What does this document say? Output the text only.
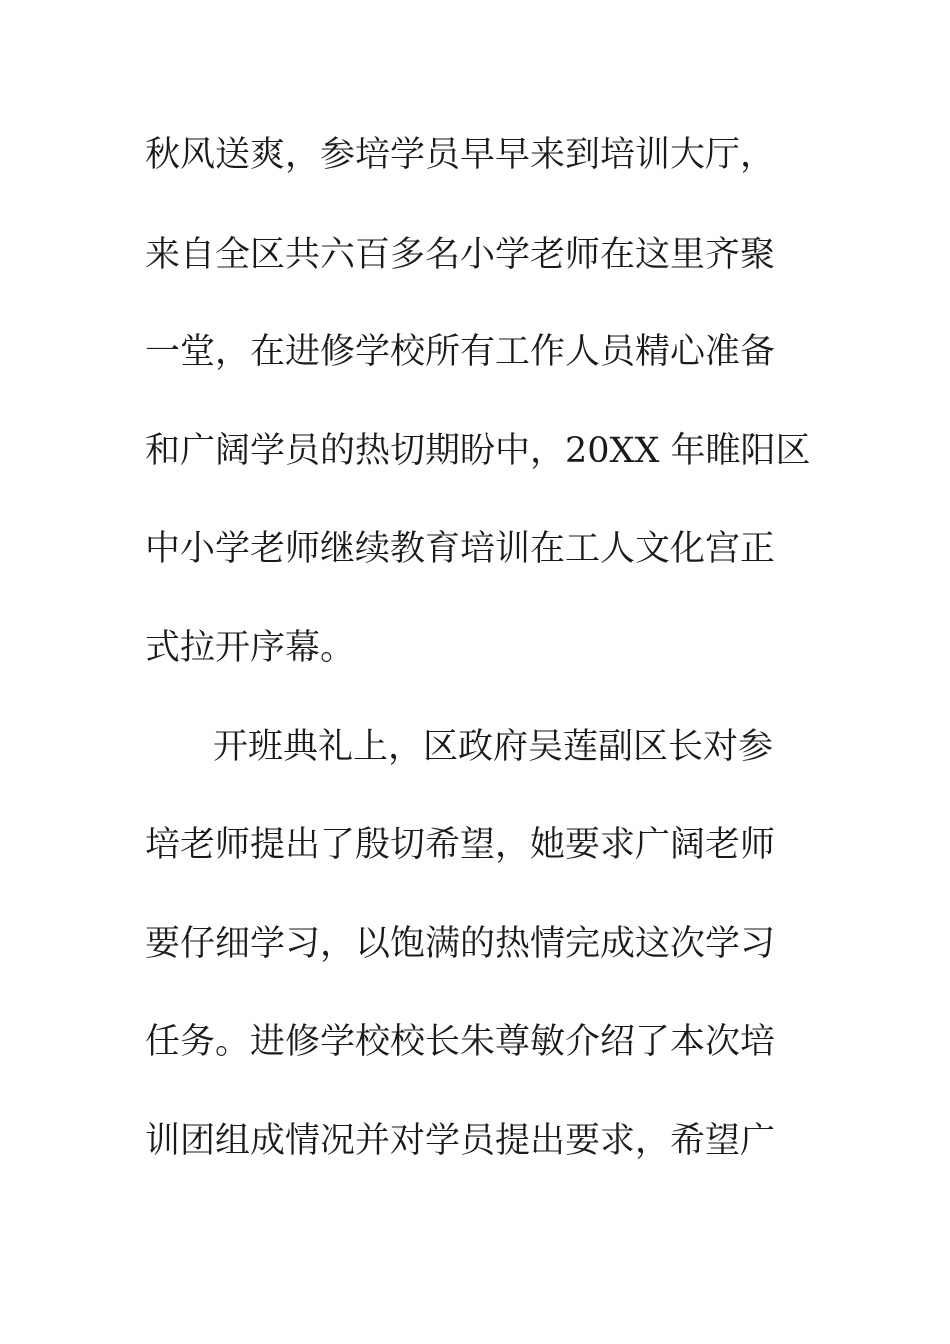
秋风送爽，参培学员早早来到培训大厅，
来自全区共六百多名小学老师在这里齐聚
一堂，在进修学校所有工作人员精心准备
和广阔学员的热切期盼中，20XX 年睢阳区
中小学老师继续教育培训在工人文化宫正
式拉开序幕。
开班典礼上，区政府吴莲副区长对参
培老师提出了殷切希望，她要求广阔老师
要仔细学习，以饱满的热情完成这次学习
任务。进修学校校长朱尊敏介绍了本次培
训团组成情况并对学员提出要求，希望广
